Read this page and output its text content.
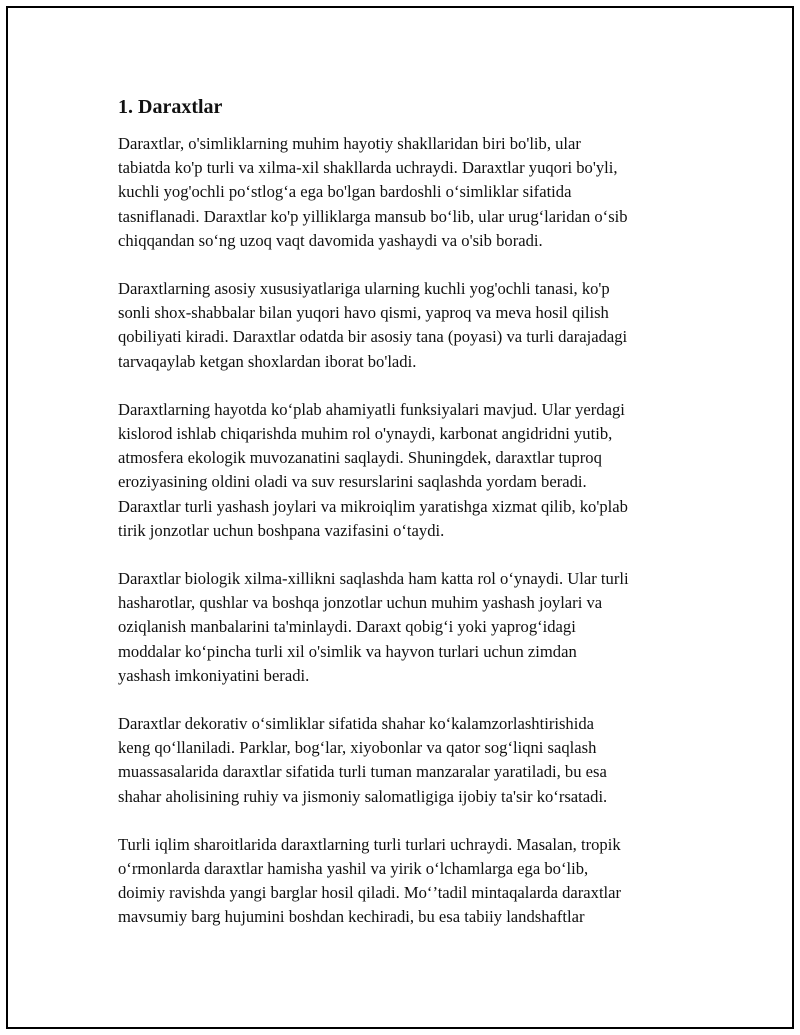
1. Daraxtlar
Daraxtlar, o'simliklarning muhim hayotiy shakllaridan biri bo'lib, ular
tabiatda ko'p turli va xilma-xil shakllarda uchraydi. Daraxtlar yuqori bo'yli,
kuchli yog'ochli po‘stlog‘a ega bo'lgan bardoshli o‘simliklar sifatida
tasniflanadi. Daraxtlar ko'p yilliklarga mansub bo‘lib, ular urug‘laridan o‘sib
chiqqandan so‘ng uzoq vaqt davomida yashaydi va o'sib boradi.
Daraxtlarning asosiy xususiyatlariga ularning kuchli yog'ochli tanasi, ko'p
sonli shox-shabbalar bilan yuqori havo qismi, yaproq va meva hosil qilish
qobiliyati kiradi. Daraxtlar odatda bir asosiy tana (poyasi) va turli darajadagi
tarvaqaylab ketgan shoxlardan iborat bo'ladi.
Daraxtlarning hayotda ko‘plab ahamiyatli funksiyalari mavjud. Ular yerdagi
kislorod ishlab chiqarishda muhim rol o'ynaydi, karbonat angidridni yutib,
atmosfera ekologik muvozanatini saqlaydi. Shuningdek, daraxtlar tuproq
eroziyasining oldini oladi va suv resurslarini saqlashda yordam beradi.
Daraxtlar turli yashash joylari va mikroiqlim yaratishga xizmat qilib, ko'plab
tirik jonzotlar uchun boshpana vazifasini o‘taydi.
Daraxtlar biologik xilma-xillikni saqlashda ham katta rol o‘ynaydi. Ular turli
hasharotlar, qushlar va boshqa jonzotlar uchun muhim yashash joylari va
oziqlanish manbalarini ta'minlaydi. Daraxt qobig‘i yoki yaprog‘idagi
moddalar ko‘pincha turli xil o'simlik va hayvon turlari uchun zimdan
yashash imkoniyatini beradi.
Daraxtlar dekorativ o‘simliklar sifatida shahar ko‘kalamzorlashtirishida
keng qo‘llaniladi. Parklar, bog‘lar, xiyobonlar va qator sog‘liqni saqlash
muassasalarida daraxtlar sifatida turli tuman manzaralar yaratiladi, bu esa
shahar aholisining ruhiy va jismoniy salomatligiga ijobiy ta'sir ko‘rsatadi.
Turli iqlim sharoitlarida daraxtlarning turli turlari uchraydi. Masalan, tropik
o‘rmonlarda daraxtlar hamisha yashil va yirik o‘lchamlarga ega bo‘lib,
doimiy ravishda yangi barglar hosil qiladi. Mo‘’tadil mintaqalarda daraxtlar
mavsumiy barg hujumini boshdan kechiradi, bu esa tabiiy landshaftlar
